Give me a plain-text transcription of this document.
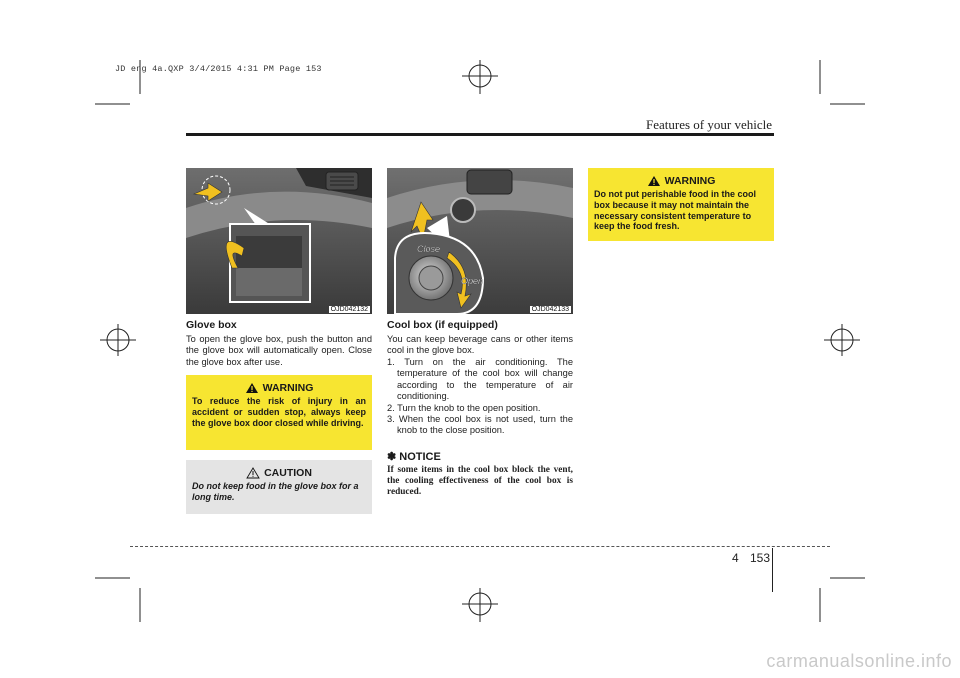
JD eng 4a.QXP 3/4/2015 4:31 PM Page 153
Features of your vehicle
OJD042132
Close
Open
OJD042133
Glove box
To open the glove box, push the button and the glove box will automatically open. Close the glove box after use.
WARNING
To reduce the risk of injury in an accident or sudden stop, always keep the glove box door closed while driving.
CAUTION
Do not keep food in the glove box for a long time.
Cool box (if equipped)
You can keep beverage cans or other items cool in the glove box.
1. Turn on the air conditioning. The temperature of the cool box will change according to the temperature of air conditioning.
2. Turn the knob to the open position.
3. When the cool box is not used, turn the knob to the close position.
✽ NOTICE
If some items in the cool box block the vent, the cooling effectiveness of the cool box is reduced.
WARNING
Do not put perishable food in the cool box because it may not maintain the necessary consistent temperature to keep the food fresh.
4 153
carmanualsonline.info
